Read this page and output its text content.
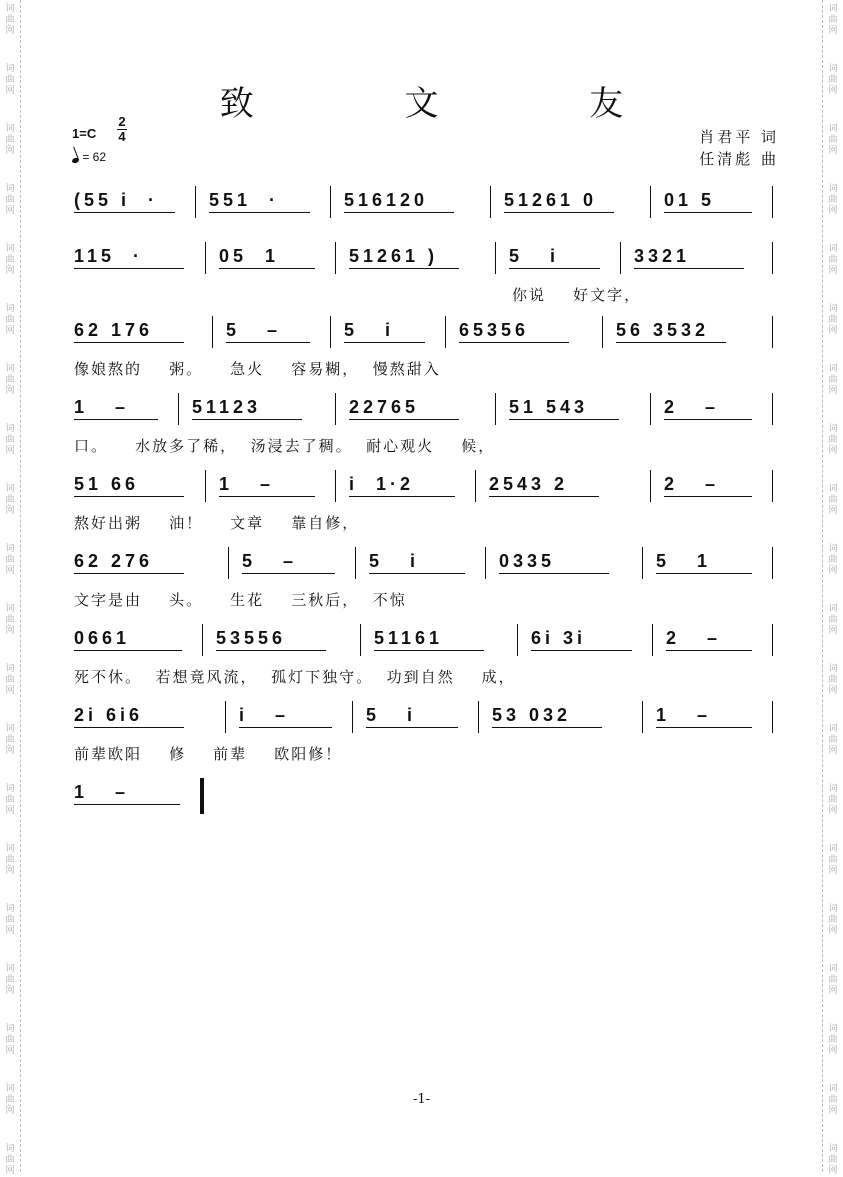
词
曲
网
词
曲
网
词
曲
网
词
曲
网
词
曲
网
词
曲
网
词
曲
网
词
曲
网
词
曲
网
词
曲
网
词
曲
网
词
曲
网
词
曲
网
词
曲
网
词
曲
网
词
曲
网
词
曲
网
词
曲
网
词
曲
网
词
曲
网
词
曲
网
词
曲
网
词
曲
网
词
曲
网
词
曲
网
词
曲
网
词
曲
网
词
曲
网
词
曲
网
词
曲
网
词
曲
网
词
曲
网
词
曲
网
词
曲
网
词
曲
网
词
曲
网
词
曲
网
词
曲
网
词
曲
网
词
曲
网
致 文 友
1=C
2
4
= 62
肖君平 词
任清彪 曲
(55 i  ·	551  ·	516120	51261 0	01 5
115  ·	05  1	51261 )	5   i	3321
你说    好文字，
62 176	5   –	5   i	65356	56 3532
像娘熬的    粥。    急火    容易糊，  慢熬甜入
1   –	51123	22765	51 543	2   –
口。    水放多了稀，  汤浸去了稠。  耐心观火    候，
51 66	1   –	i  1·2	2543 2	2   –
熬好出粥    油！    文章    靠自修，
62 276	5   –	5   i	0335	5   1
文字是由    头。    生花    三秋后，  不惊
0661	53556	51161	6i 3i	2   –
死不休。  若想竟风流，  孤灯下独守。  功到自然    成，
2i 6i6	i   –	5   i	53 032	1   –
前辈欧阳    修    前辈    欧阳修！
1   –
-1-
